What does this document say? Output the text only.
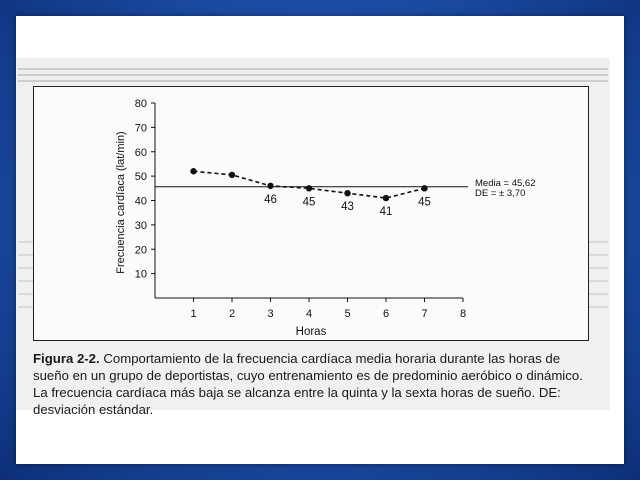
10
20
30
40
50
60
70
80
1	2	3	4	5	6	7	8
Media = 45,62
DE = ± 3,70
Horas
Frecuencia cardíaca (lat/min)	46 45 43 41
45
Figura 2-2. Comportamiento de la frecuencia cardíaca media horaria durante las horas de sueño en un grupo de deportistas, cuyo entrenamiento es de predominio aeróbico o dinámico. La frecuencia cardíaca más baja se alcanza entre la quinta y la sexta horas de sueño. DE: desviación estándar.
